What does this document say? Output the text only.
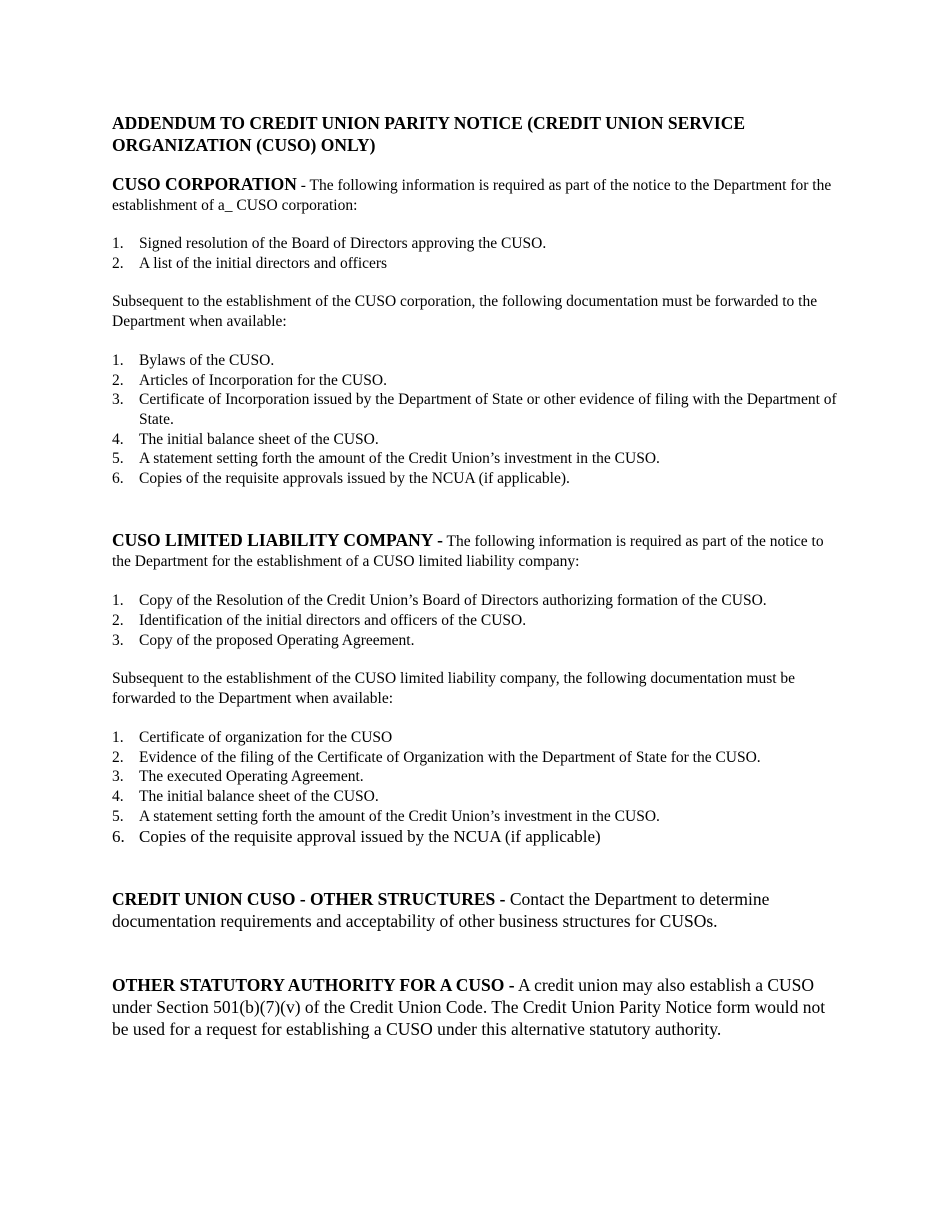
ADDENDUM TO CREDIT UNION PARITY NOTICE (CREDIT UNION SERVICE ORGANIZATION (CUSO) ONLY)

CUSO CORPORATION - The following information is required as part of the notice to the Department for the establishment of a_ CUSO corporation:

1. Signed resolution of the Board of Directors approving the CUSO.
2. A list of the initial directors and officers

Subsequent to the establishment of the CUSO corporation, the following documentation must be forwarded to the Department when available:

1. Bylaws of the CUSO.
2. Articles of Incorporation for the CUSO.
3. Certificate of Incorporation issued by the Department of State or other evidence of filing with the Department of State.
4. The initial balance sheet of the CUSO.
5. A statement setting forth the amount of the Credit Union’s investment in the CUSO.
6. Copies of the requisite approvals issued by the NCUA (if applicable).

CUSO LIMITED LIABILITY COMPANY - The following information is required as part of the notice to the Department for the establishment of a CUSO limited liability company:

1. Copy of the Resolution of the Credit Union’s Board of Directors authorizing formation of the CUSO.
2. Identification of the initial directors and officers of the CUSO.
3. Copy of the proposed Operating Agreement.

Subsequent to the establishment of the CUSO limited liability company, the following documentation must be forwarded to the Department when available:

1. Certificate of organization for the CUSO
2. Evidence of the filing of the Certificate of Organization with the Department of State for the CUSO.
3. The executed Operating Agreement.
4. The initial balance sheet of the CUSO.
5. A statement setting forth the amount of the Credit Union’s investment in the CUSO.
6. Copies of the requisite approval issued by the NCUA (if applicable)

CREDIT UNION CUSO - OTHER STRUCTURES - Contact the Department to determine documentation requirements and acceptability of other business structures for CUSOs.

OTHER STATUTORY AUTHORITY FOR A CUSO - A credit union may also establish a CUSO under Section 501(b)(7)(v) of the Credit Union Code. The Credit Union Parity Notice form would not be used for a request for establishing a CUSO under this alternative statutory authority.
